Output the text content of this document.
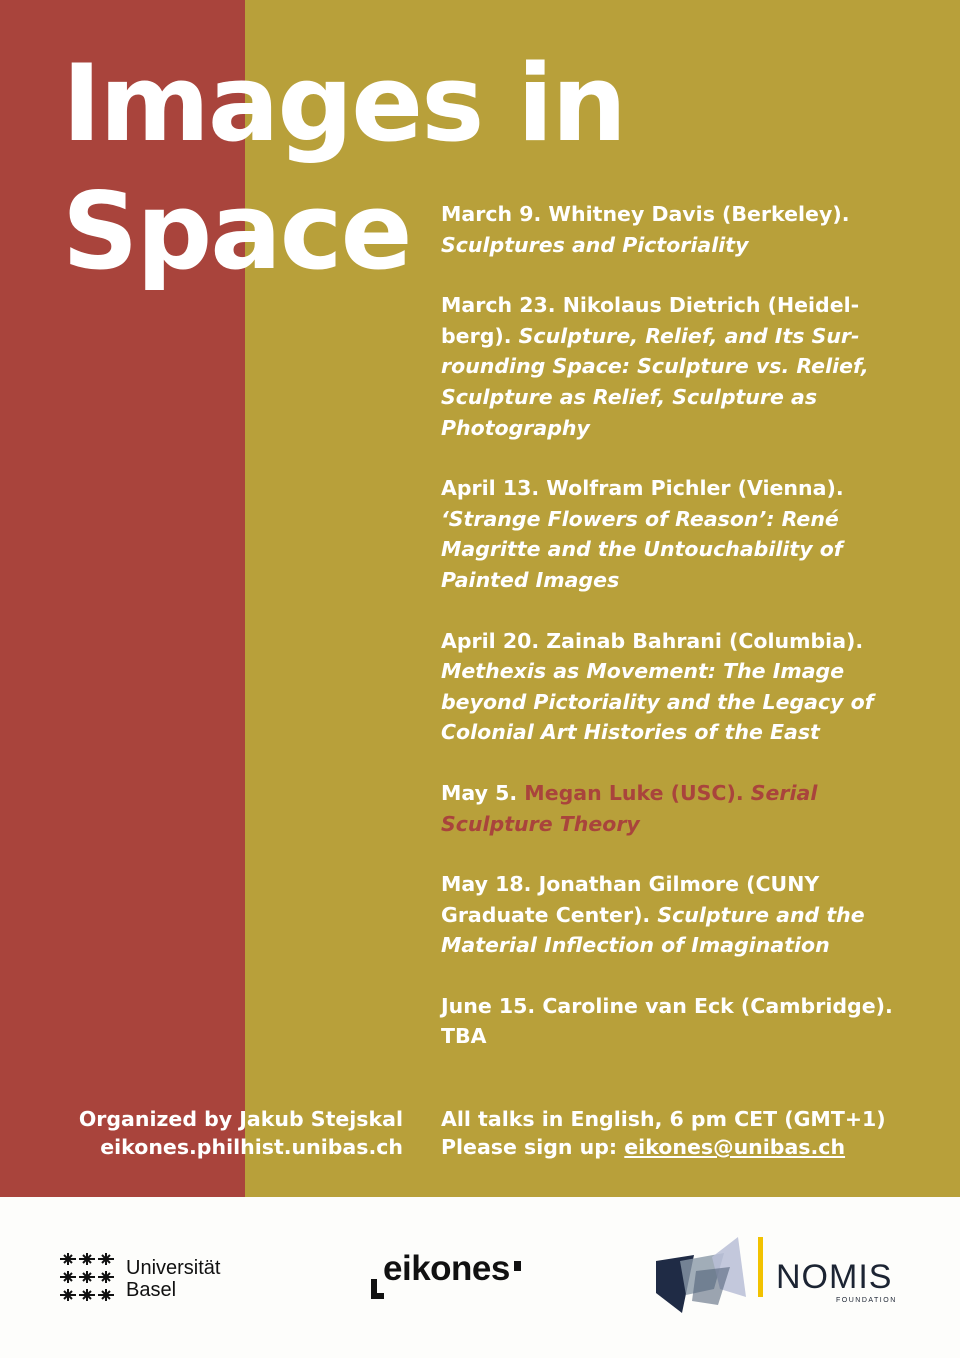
Images in
Space	March 9. Whitney Davis (Berkeley). Sculptures and Pictoriality

March 23. Nikolaus Dietrich (Heidelberg). Sculpture, Relief, and Its Surrounding Space: Sculpture vs. Relief, Sculpture as Relief, Sculpture as Photography

April 13. Wolfram Pichler (Vienna). ‘Strange Flowers of Reason’: René Magritte and the Untouchability of Painted Images

April 20. Zainab Bahrani (Columbia). Methexis as Movement: The Image beyond Pictoriality and the Legacy of Colonial Art Histories of the East

May 5. Megan Luke (USC). Serial Sculpture Theory

May 18. Jonathan Gilmore (CUNY Graduate Center). Sculpture and the Material Inflection of Imagination

June 15. Caroline van Eck (Cambridge). TBA

Organized by Jakub Stejskal
eikones.philhist.unibas.ch
All talks in English, 6 pm CET (GMT+1)
Please sign up: eikones@unibas.ch
Universität
Basel
eikones	NOMIS
FOUNDATION
